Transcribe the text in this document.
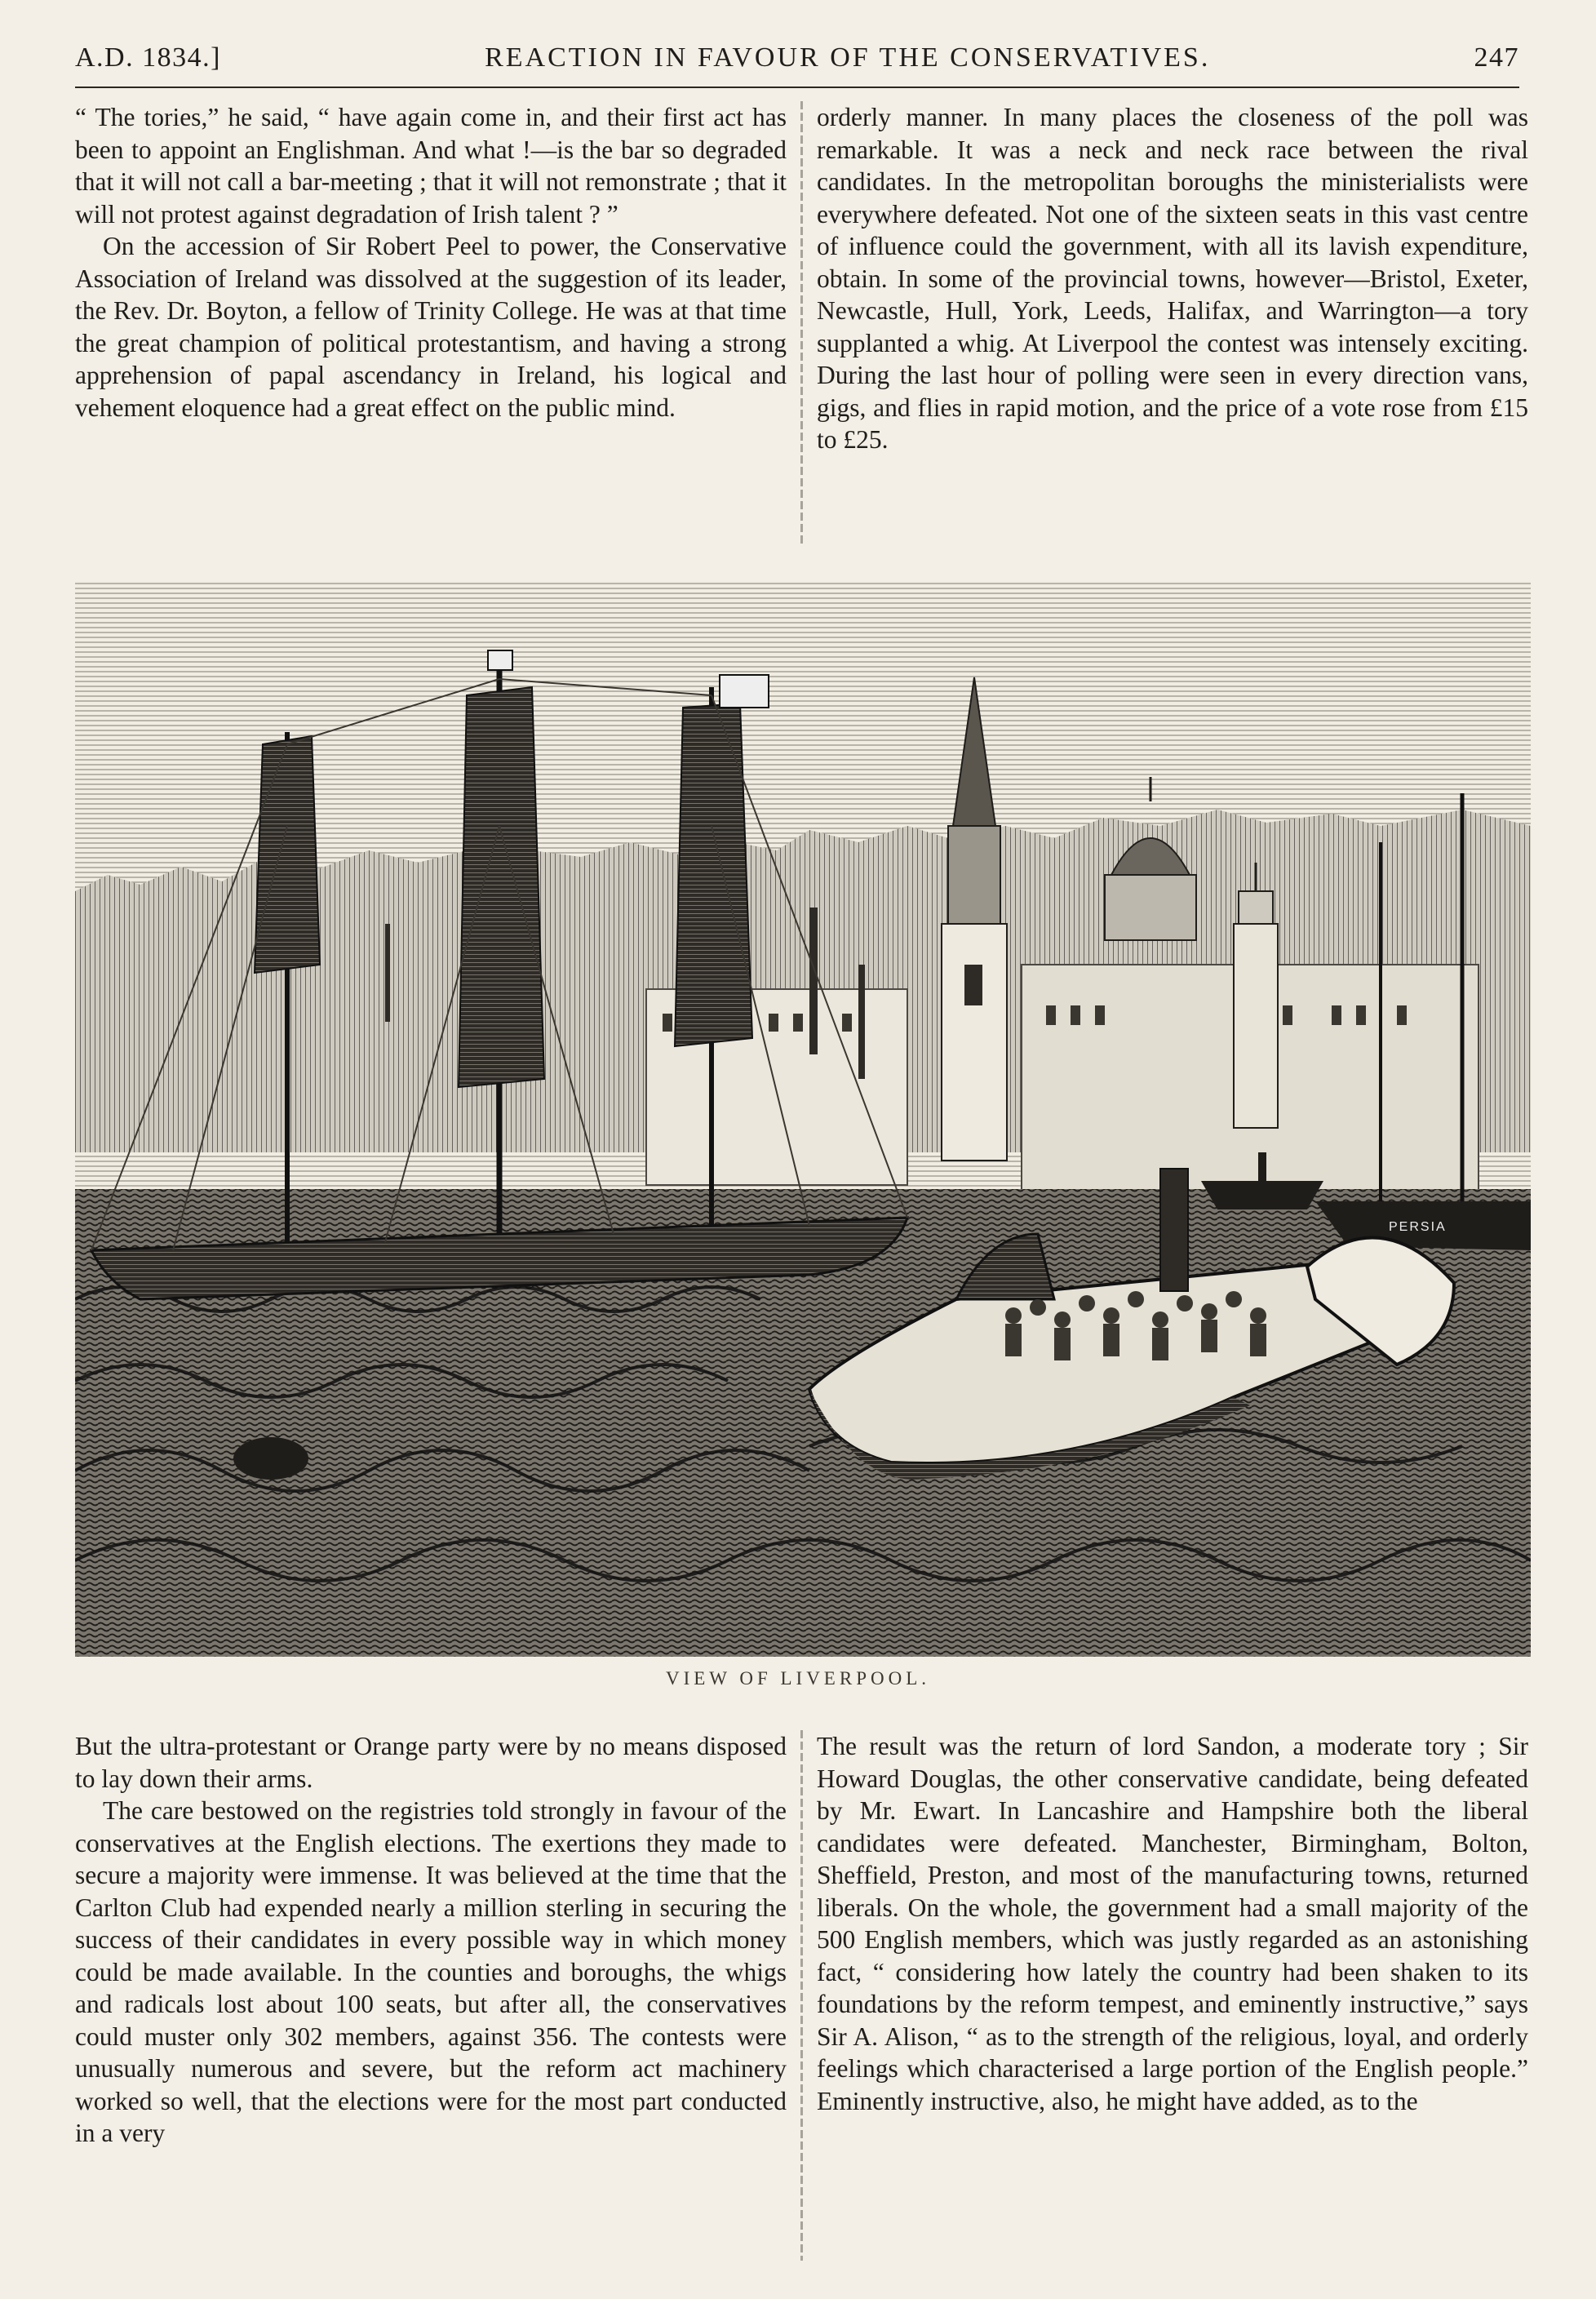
A.D. 1834.]	REACTION IN FAVOUR OF THE CONSERVATIVES.	247

“ The tories,” he said, “ have again come in, and their first act has been to appoint an Englishman. And what !—is the bar so degraded that it will not call a bar-meeting ; that it will not remonstrate ; that it will not protest against degradation of Irish talent ? ”

On the accession of Sir Robert Peel to power, the Conservative Association of Ireland was dissolved at the suggestion of its leader, the Rev. Dr. Boyton, a fellow of Trinity College. He was at that time the great champion of political protestantism, and having a strong apprehension of papal ascendancy in Ireland, his logical and vehement eloquence had a great effect on the public mind.

orderly manner. In many places the closeness of the poll was remarkable. It was a neck and neck race between the rival candidates. In the metropolitan boroughs the ministerialists were everywhere defeated. Not one of the sixteen seats in this vast centre of influence could the government, with all its lavish expenditure, obtain. In some of the provincial towns, however—Bristol, Exeter, Newcastle, Hull, York, Leeds, Halifax, and Warrington—a tory supplanted a whig. At Liverpool the contest was intensely exciting. During the last hour of polling were seen in every direction vans, gigs, and flies in rapid motion, and the price of a vote rose from £15 to £25.

PERSIA
VIEW OF LIVERPOOL.

But the ultra-protestant or Orange party were by no means disposed to lay down their arms.

The care bestowed on the registries told strongly in favour of the conservatives at the English elections. The exertions they made to secure a majority were immense. It was believed at the time that the Carlton Club had expended nearly a million sterling in securing the success of their candidates in every possible way in which money could be made available. In the counties and boroughs, the whigs and radicals lost about 100 seats, but after all, the conservatives could muster only 302 members, against 356. The contests were unusually numerous and severe, but the reform act machinery worked so well, that the elections were for the most part conducted in a very

The result was the return of lord Sandon, a moderate tory ; Sir Howard Douglas, the other conservative candidate, being defeated by Mr. Ewart. In Lancashire and Hampshire both the liberal candidates were defeated. Manchester, Birmingham, Bolton, Sheffield, Preston, and most of the manufacturing towns, returned liberals. On the whole, the government had a small majority of the 500 English members, which was justly regarded as an astonishing fact, “ considering how lately the country had been shaken to its foundations by the reform tempest, and eminently instructive,” says Sir A. Alison, “ as to the strength of the religious, loyal, and orderly feelings which characterised a large portion of the English people.” Eminently instructive, also, he might have added, as to the
